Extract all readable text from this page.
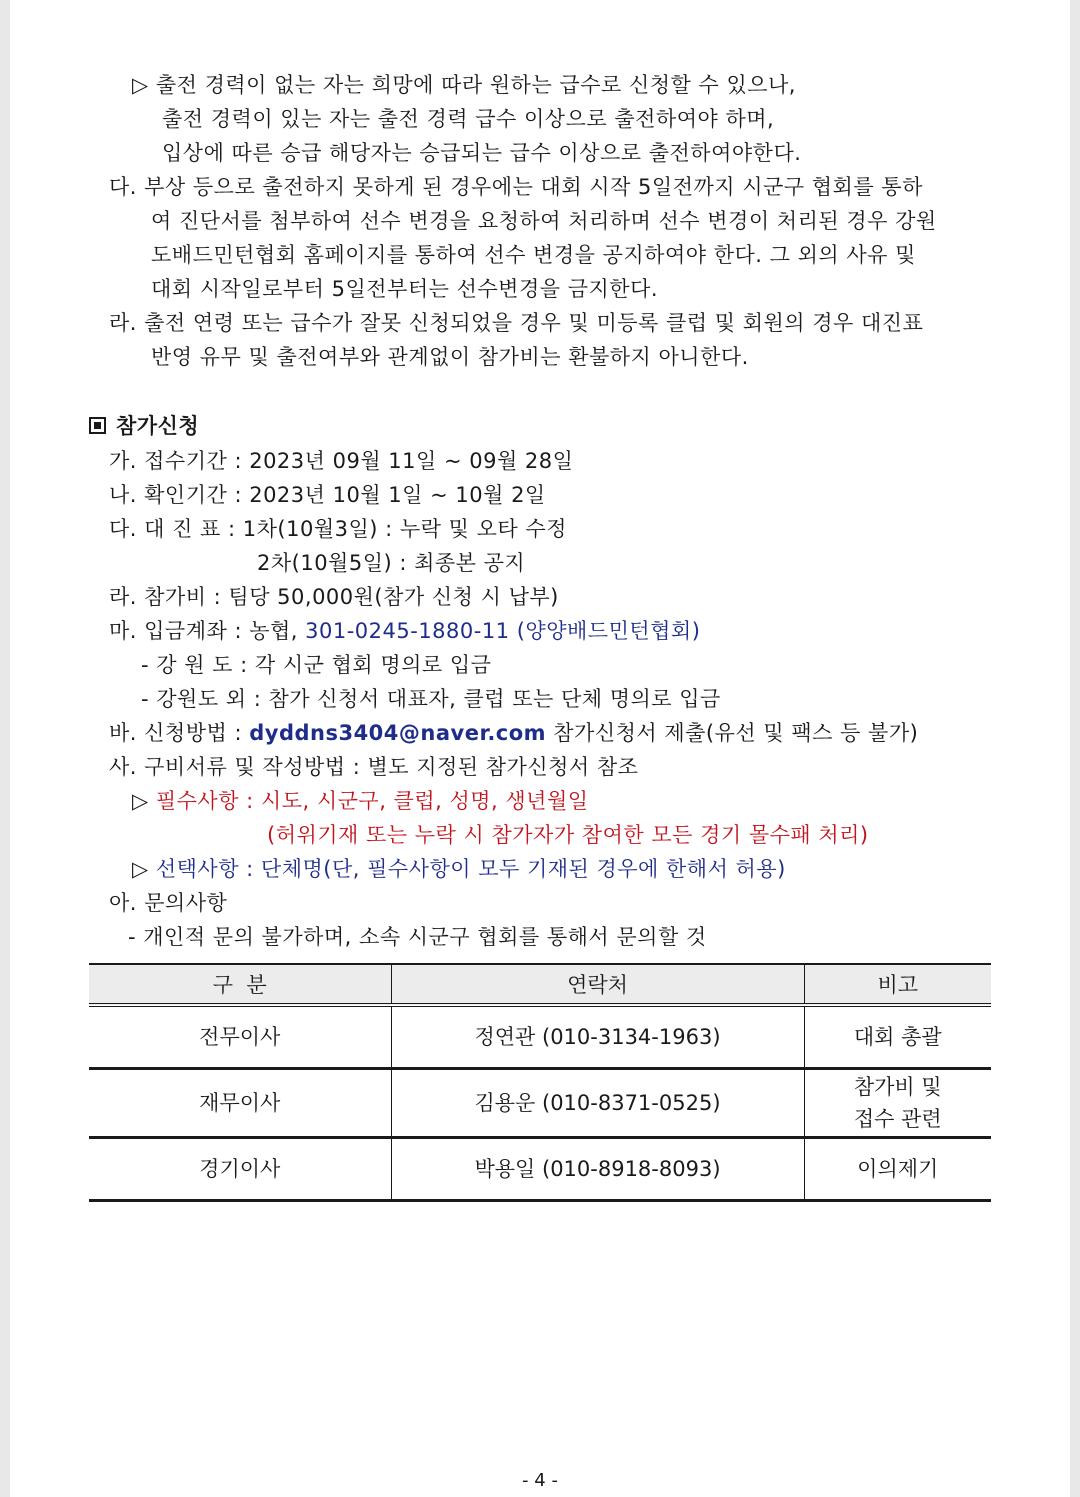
▷ 출전 경력이 없는 자는 희망에 따라 원하는 급수로 신청할 수 있으나,
출전 경력이 있는 자는 출전 경력 급수 이상으로 출전하여야 하며,
입상에 따른 승급 해당자는 승급되는 급수 이상으로 출전하여야한다.
다. 부상 등으로 출전하지 못하게 된 경우에는 대회 시작 5일전까지 시군구 협회를 통하
여 진단서를 첨부하여 선수 변경을 요청하여 처리하며 선수 변경이 처리된 경우 강원
도배드민턴협회 홈페이지를 통하여 선수 변경을 공지하여야 한다. 그 외의 사유 및
대회 시작일로부터 5일전부터는 선수변경을 금지한다.
라. 출전 연령 또는 급수가 잘못 신청되었을 경우 및 미등록 클럽 및 회원의 경우 대진표
반영 유무 및 출전여부와 관계없이 참가비는 환불하지 아니한다.
참가신청
가. 접수기간 : 2023년 09월 11일 ~ 09월 28일
나. 확인기간 : 2023년 10월 1일 ~ 10월 2일
다. 대 진 표 : 1차(10월3일) : 누락 및 오타 수정
2차(10월5일) : 최종본 공지
라. 참가비 : 팀당 50,000원(참가 신청 시 납부)
마. 입금계좌 : 농협, 301-0245-1880-11 (양양배드민턴협회)
- 강 원 도 : 각 시군 협회 명의로 입금
- 강원도 외 : 참가 신청서 대표자, 클럽 또는 단체 명의로 입금
바. 신청방법 : dyddns3404@naver.com 참가신청서 제출(유선 및 팩스 등 불가)
사. 구비서류 및 작성방법 : 별도 지정된 참가신청서 참조
▷ 필수사항 : 시도, 시군구, 클럽, 성명, 생년월일
(허위기재 또는 누락 시 참가자가 참여한 모든 경기 몰수패 처리)
▷ 선택사항 : 단체명(단, 필수사항이 모두 기재된 경우에 한해서 허용)
아. 문의사항
- 개인적 문의 불가하며, 소속 시군구 협회를 통해서 문의할 것
구  분	연락처	비고
전무이사	정연관 (010-3134-1963)	대회 총괄
재무이사	김용운 (010-8371-0525)	참가비 및
접수 관련

경기이사	박용일 (010-8918-8093)	이의제기
- 4 -
